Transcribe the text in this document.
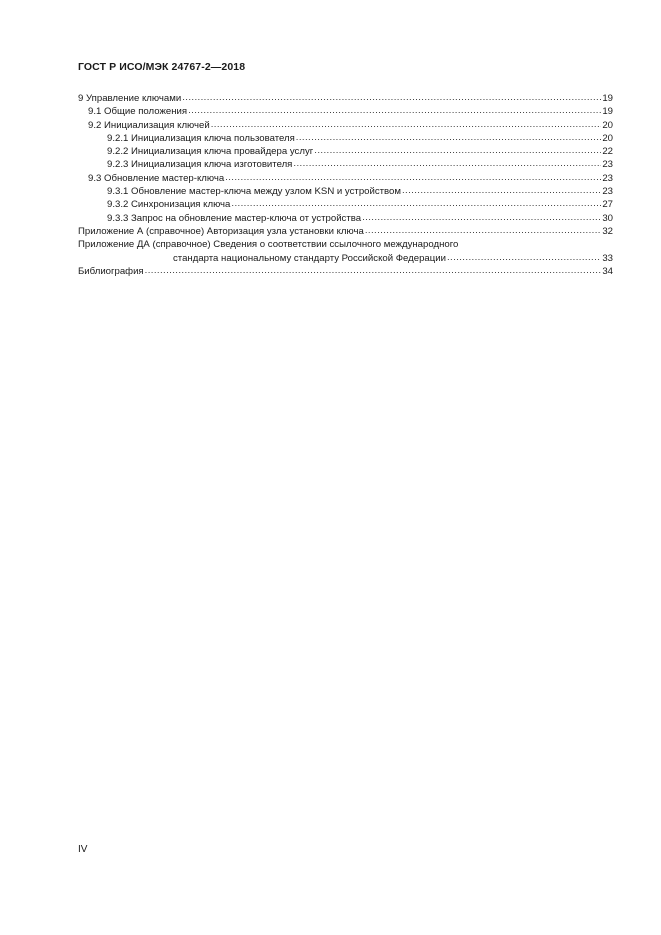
ГОСТ Р ИСО/МЭК 24767-2—2018
9 Управление ключами .....	19
9.1 Общие положения .....	19
9.2 Инициализация ключей .....	20
9.2.1 Инициализация ключа пользователя .....	20
9.2.2 Инициализация ключа провайдера услуг .....	22
9.2.3 Инициализация ключа изготовителя .....	23
9.3 Обновление мастер-ключа .....	23
9.3.1 Обновление мастер-ключа между узлом KSN и устройством .....	23
9.3.2 Синхронизация ключа .....	27
9.3.3 Запрос на обновление мастер-ключа от устройства .....	30
Приложение А (справочное) Авторизация узла установки ключа .....	32
Приложение ДА (справочное) Сведения о соответствии ссылочного международного
стандарта национальному стандарту Российской Федерации .....	33
Библиография .....	34
IV
